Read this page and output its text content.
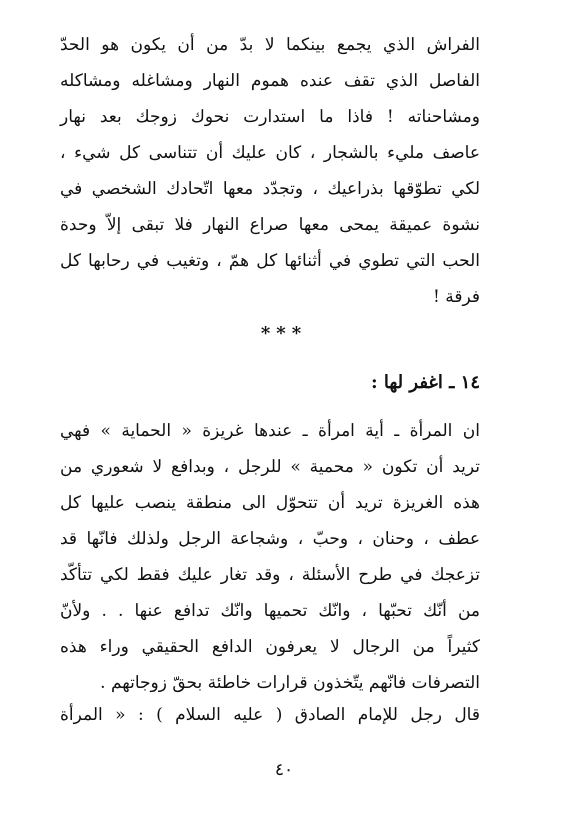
الفراش الذي يجمع بينكما لا بدّ من أن يكون هو الحدّ
الفاصل الذي تقف عنده هموم النهار ومشاغله ومشاكله
ومشاحناته ! فاذا ما استدارت نحوك زوجك بعد نهار
عاصف مليء بالشجار ، كان عليك أن تتناسى كل شيء ،
لكي تطوّقها بذراعيك ، وتجدّد معها اتّحادك الشخصي في
نشوة عميقة يمحى معها صراع النهار فلا تبقى إلاّ وحدة
الحب التي تطوي في أثنائها كل همّ ، وتغيب في رحابها كل
فرقة !
***
١٤ ـ اغفر لها :
ان المرأة ـ أية امرأة ـ عندها غريزة « الحماية » فهي
تريد أن تكون « محمية » للرجل ، وبدافع لا شعوري من
هذه الغريزة تريد أن تتحوّل الى منطقة ينصب عليها كل
عطف ، وحنان ، وحبّ ، وشجاعة الرجل ولذلك فانّها قد
تزعجك في طرح الأسئلة ، وقد تغار عليك فقط لكي تتأكّد
من أنّك تحبّها ، وانّك تحميها وانّك تدافع عنها . . ولأنّ
كثيراً من الرجال لا يعرفون الدافع الحقيقي وراء هذه
التصرفات فانّهم يتّخذون قرارات خاطئة بحقّ زوجاتهم .
قال رجل للإمام الصادق ( عليه السلام ) : « المرأة
٤٠
